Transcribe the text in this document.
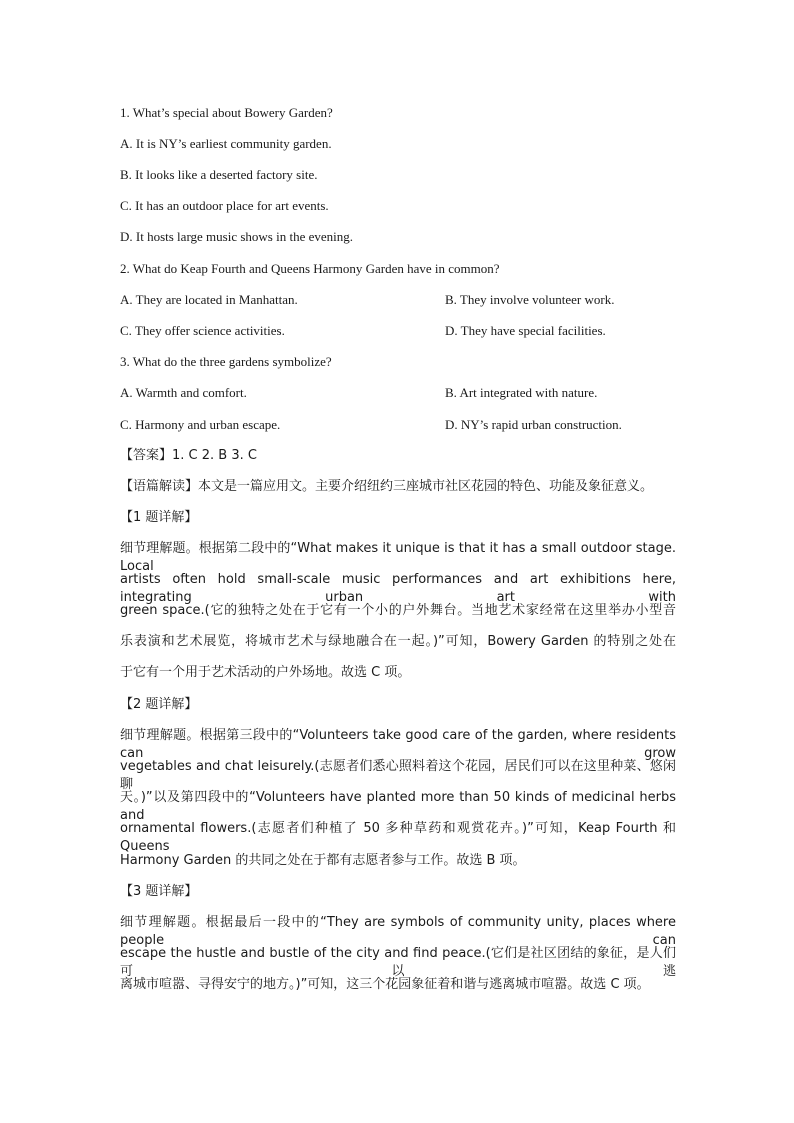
1. What’s special about Bowery Garden?
A. It is NY’s earliest community garden.
B. It looks like a deserted factory site.
C. It has an outdoor place for art events.
D. It hosts large music shows in the evening.
2. What do Keap Fourth and Queens Harmony Garden have in common?
A. They are located in Manhattan.	B. They involve volunteer work.
C. They offer science activities.	D. They have special facilities.
3. What do the three gardens symbolize?
A. Warmth and comfort.	B. Art integrated with nature.
C. Harmony and urban escape.	D. NY’s rapid urban construction.
【答案】1. C 2. B 3. C
【语篇解读】本文是一篇应用文。主要介绍纽约三座城市社区花园的特色、功能及象征意义。
【1 题详解】
细节理解题。根据第二段中的“What makes it unique is that it has a small outdoor stage. Local
artists often hold small-scale music performances and art exhibitions here, integrating urban art with
green space.(它的独特之处在于它有一个小的户外舞台。当地艺术家经常在这里举办小型音
乐表演和艺术展览，将城市艺术与绿地融合在一起。)”可知，Bowery Garden 的特别之处在
于它有一个用于艺术活动的户外场地。故选 C 项。
【2 题详解】
细节理解题。根据第三段中的“Volunteers take good care of the garden, where residents can grow
vegetables and chat leisurely.(志愿者们悉心照料着这个花园，居民们可以在这里种菜、悠闲聊
天。)”以及第四段中的“Volunteers have planted more than 50 kinds of medicinal herbs and
ornamental flowers.(志愿者们种植了 50 多种草药和观赏花卉。)”可知，Keap Fourth 和 Queens
Harmony Garden 的共同之处在于都有志愿者参与工作。故选 B 项。
【3 题详解】
细节理解题。根据最后一段中的“They are symbols of community unity, places where people can
escape the hustle and bustle of the city and find peace.(它们是社区团结的象征，是人们可以逃
离城市喧嚣、寻得安宁的地方。)”可知，这三个花园象征着和谐与逃离城市喧嚣。故选 C 项。
